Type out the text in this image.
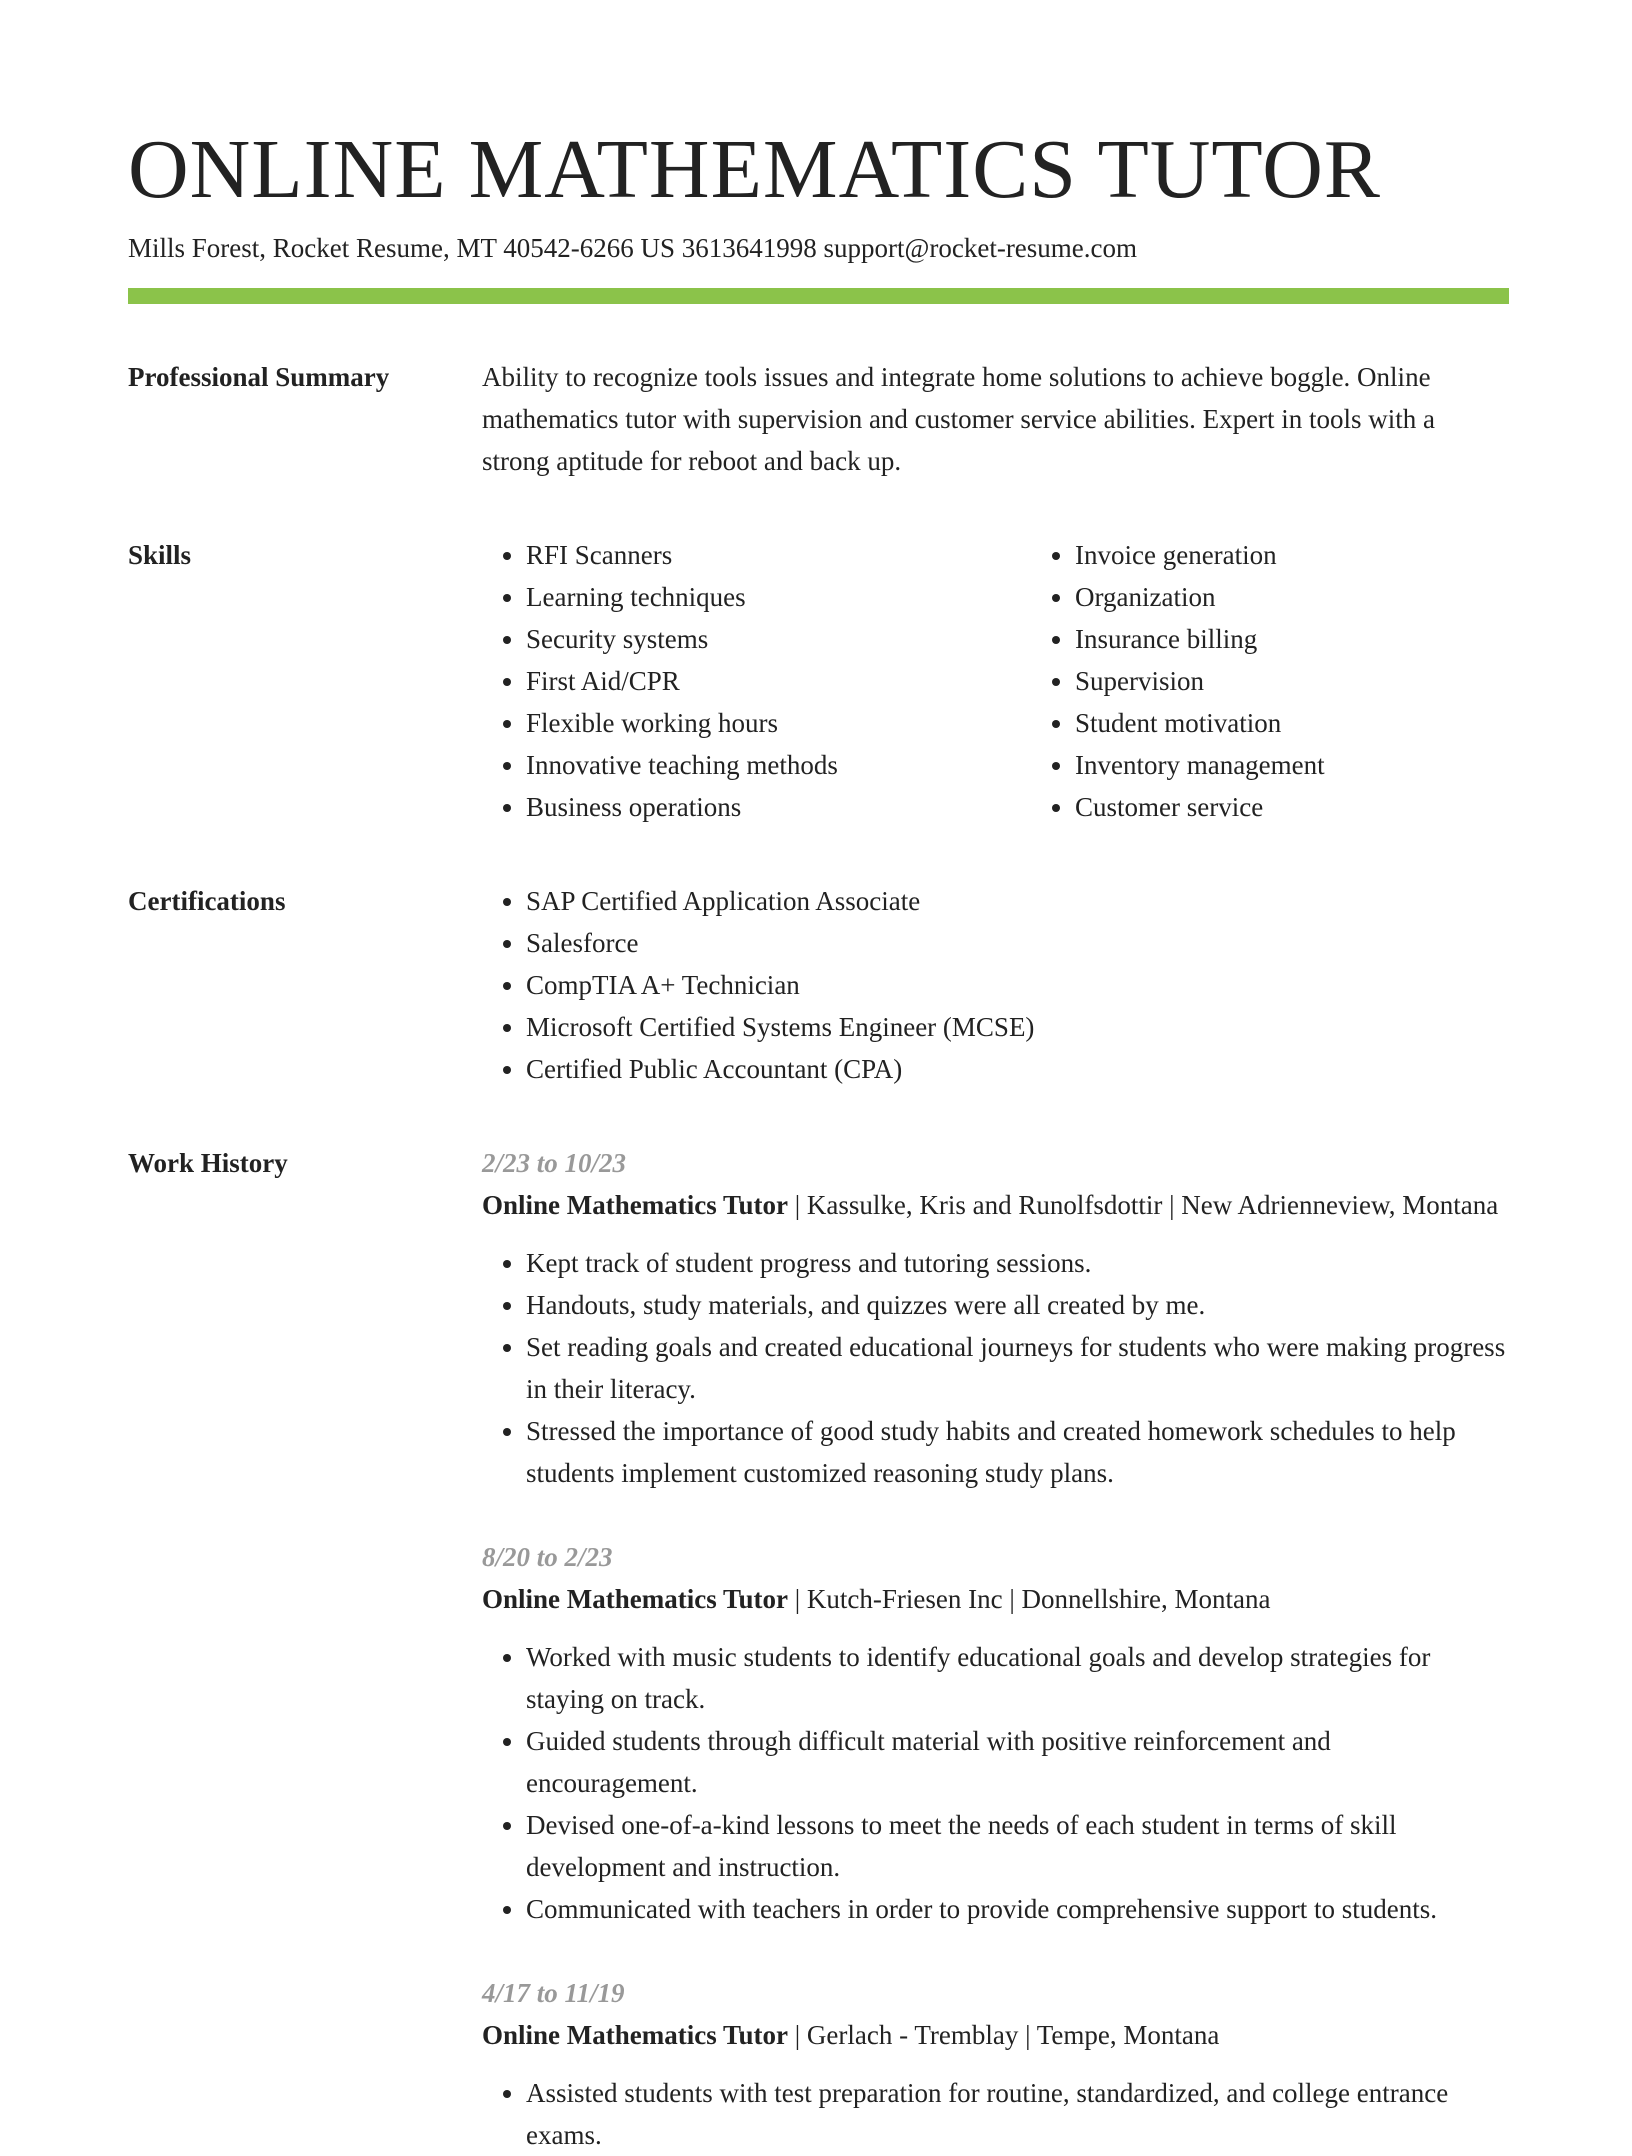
ONLINE MATHEMATICS TUTOR
Mills Forest, Rocket Resume, MT 40542-6266 US 3613641998 support@rocket-resume.com
Professional Summary	Ability to recognize tools issues and integrate home solutions to achieve boggle. Online mathematics tutor with supervision and customer service abilities. Expert in tools with a strong aptitude for reboot and back up.

Skills	• RFI Scanners
• Learning techniques
• Security systems
• First Aid/CPR
• Flexible working hours
• Innovative teaching methods
• Business operations
• Invoice generation
• Organization
• Insurance billing
• Supervision
• Student motivation
• Inventory management
• Customer service
Certifications	• SAP Certified Application Associate
• Salesforce
• CompTIA A+ Technician
• Microsoft Certified Systems Engineer (MCSE)
• Certified Public Accountant (CPA)
Work History	2/23 to 10/23
Online Mathematics Tutor | Kassulke, Kris and Runolfsdottir | New Adrienneview, Montana
• Kept track of student progress and tutoring sessions.
• Handouts, study materials, and quizzes were all created by me.
• Set reading goals and created educational journeys for students who were making progress in their literacy.
• Stressed the importance of good study habits and created homework schedules to help students implement customized reasoning study plans.
8/20 to 2/23
Online Mathematics Tutor | Kutch-Friesen Inc | Donnellshire, Montana
• Worked with music students to identify educational goals and develop strategies for staying on track.
• Guided students through difficult material with positive reinforcement and encouragement.
• Devised one-of-a-kind lessons to meet the needs of each student in terms of skill development and instruction.
• Communicated with teachers in order to provide comprehensive support to students.
4/17 to 11/19
Online Mathematics Tutor | Gerlach - Tremblay | Tempe, Montana
• Assisted students with test preparation for routine, standardized, and college entrance exams.
